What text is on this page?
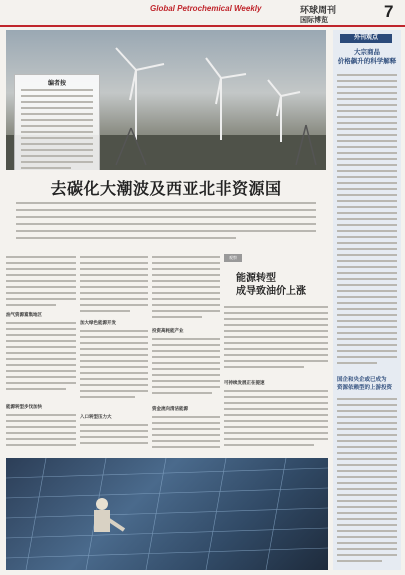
Global Petrochemical Weekly	环球周刊
国际博览	7
编者按
去碳化大潮波及西亚北非资源国
油气资源富集地区
能源转型步伐加快
加大绿色能源开发
入口转型压力大
投资高耗能产业
资金流向清洁能源
观察
能源转型
成导致油价上涨
可持续发展正在提速
外刊观点
大宗商品
价格飙升的科学解释
国企和央企或已成为
资源依赖型的上游投资
